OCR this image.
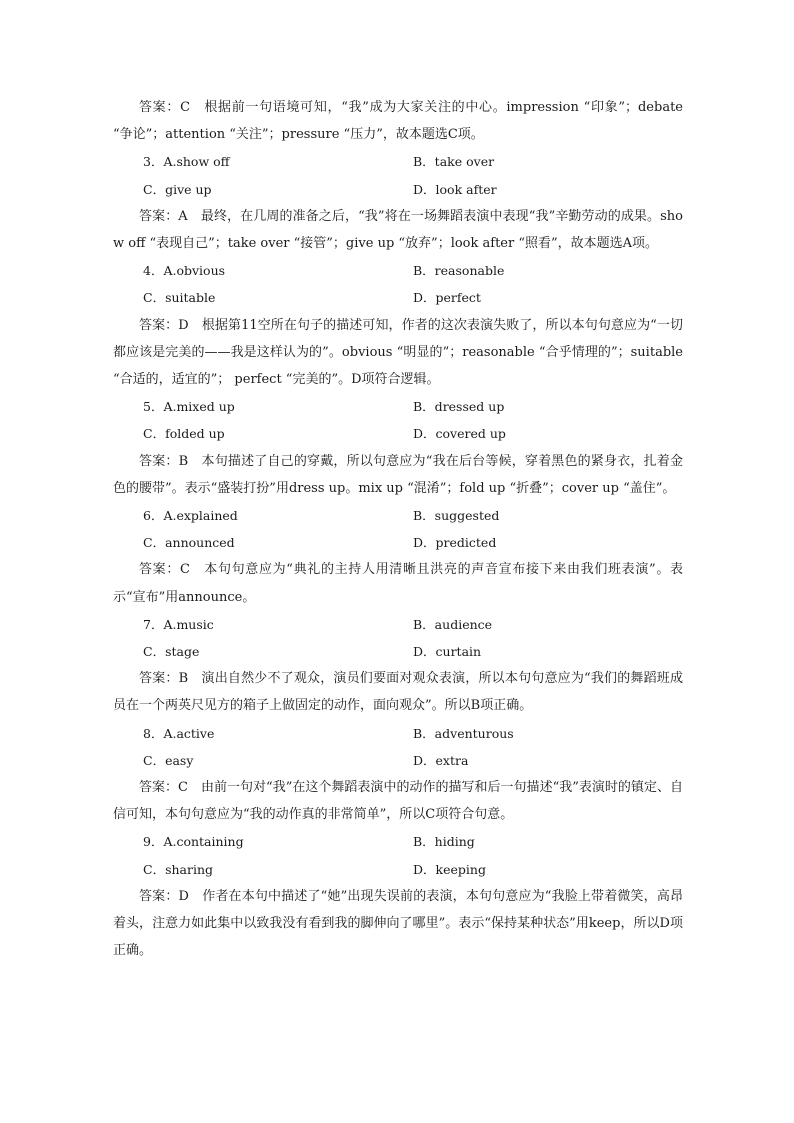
答案：C　根据前一句语境可知，“我”成为大家关注的中心。impression “印象”；debate “争论”；attention “关注”；pressure “压力”，故本题选C项。

3．A.show off	B．take over
C．give up	D．look after

答案：A　最终，在几周的准备之后，“我”将在一场舞蹈表演中表现“我”辛勤劳动的成果。show off “表现自己”；take over “接管”；give up “放弃”；look after “照看”，故本题选A项。

4．A.obvious	B．reasonable
C．suitable	D．perfect

答案：D　根据第11空所在句子的描述可知，作者的这次表演失败了，所以本句句意应为“一切都应该是完美的——我是这样认为的”。obvious “明显的”；reasonable “合乎情理的”；suitable “合适的，适宜的”； perfect “完美的”。D项符合逻辑。

5．A.mixed up	B．dressed up
C．folded up	D．covered up

答案：B　本句描述了自己的穿戴，所以句意应为“我在后台等候，穿着黑色的紧身衣，扎着金色的腰带”。表示“盛装打扮”用dress up。mix up “混淆”；fold up “折叠”；cover up “盖住”。

6．A.explained	B．suggested
C．announced	D．predicted

答案：C　本句句意应为“典礼的主持人用清晰且洪亮的声音宣布接下来由我们班表演”。表示“宣布”用announce。

7．A.music	B．audience
C．stage	D．curtain

答案：B　演出自然少不了观众，演员们要面对观众表演，所以本句句意应为“我们的舞蹈班成员在一个两英尺见方的箱子上做固定的动作，面向观众”。所以B项正确。

8．A.active	B．adventurous
C．easy	D．extra

答案：C　由前一句对“我”在这个舞蹈表演中的动作的描写和后一句描述“我”表演时的镇定、自信可知，本句句意应为“我的动作真的非常简单”，所以C项符合句意。

9．A.containing	B．hiding
C．sharing	D．keeping

答案：D　作者在本句中描述了“她”出现失误前的表演，本句句意应为“我脸上带着微笑，高昂着头，注意力如此集中以致我没有看到我的脚伸向了哪里”。表示“保持某种状态”用keep，所以D项正确。
